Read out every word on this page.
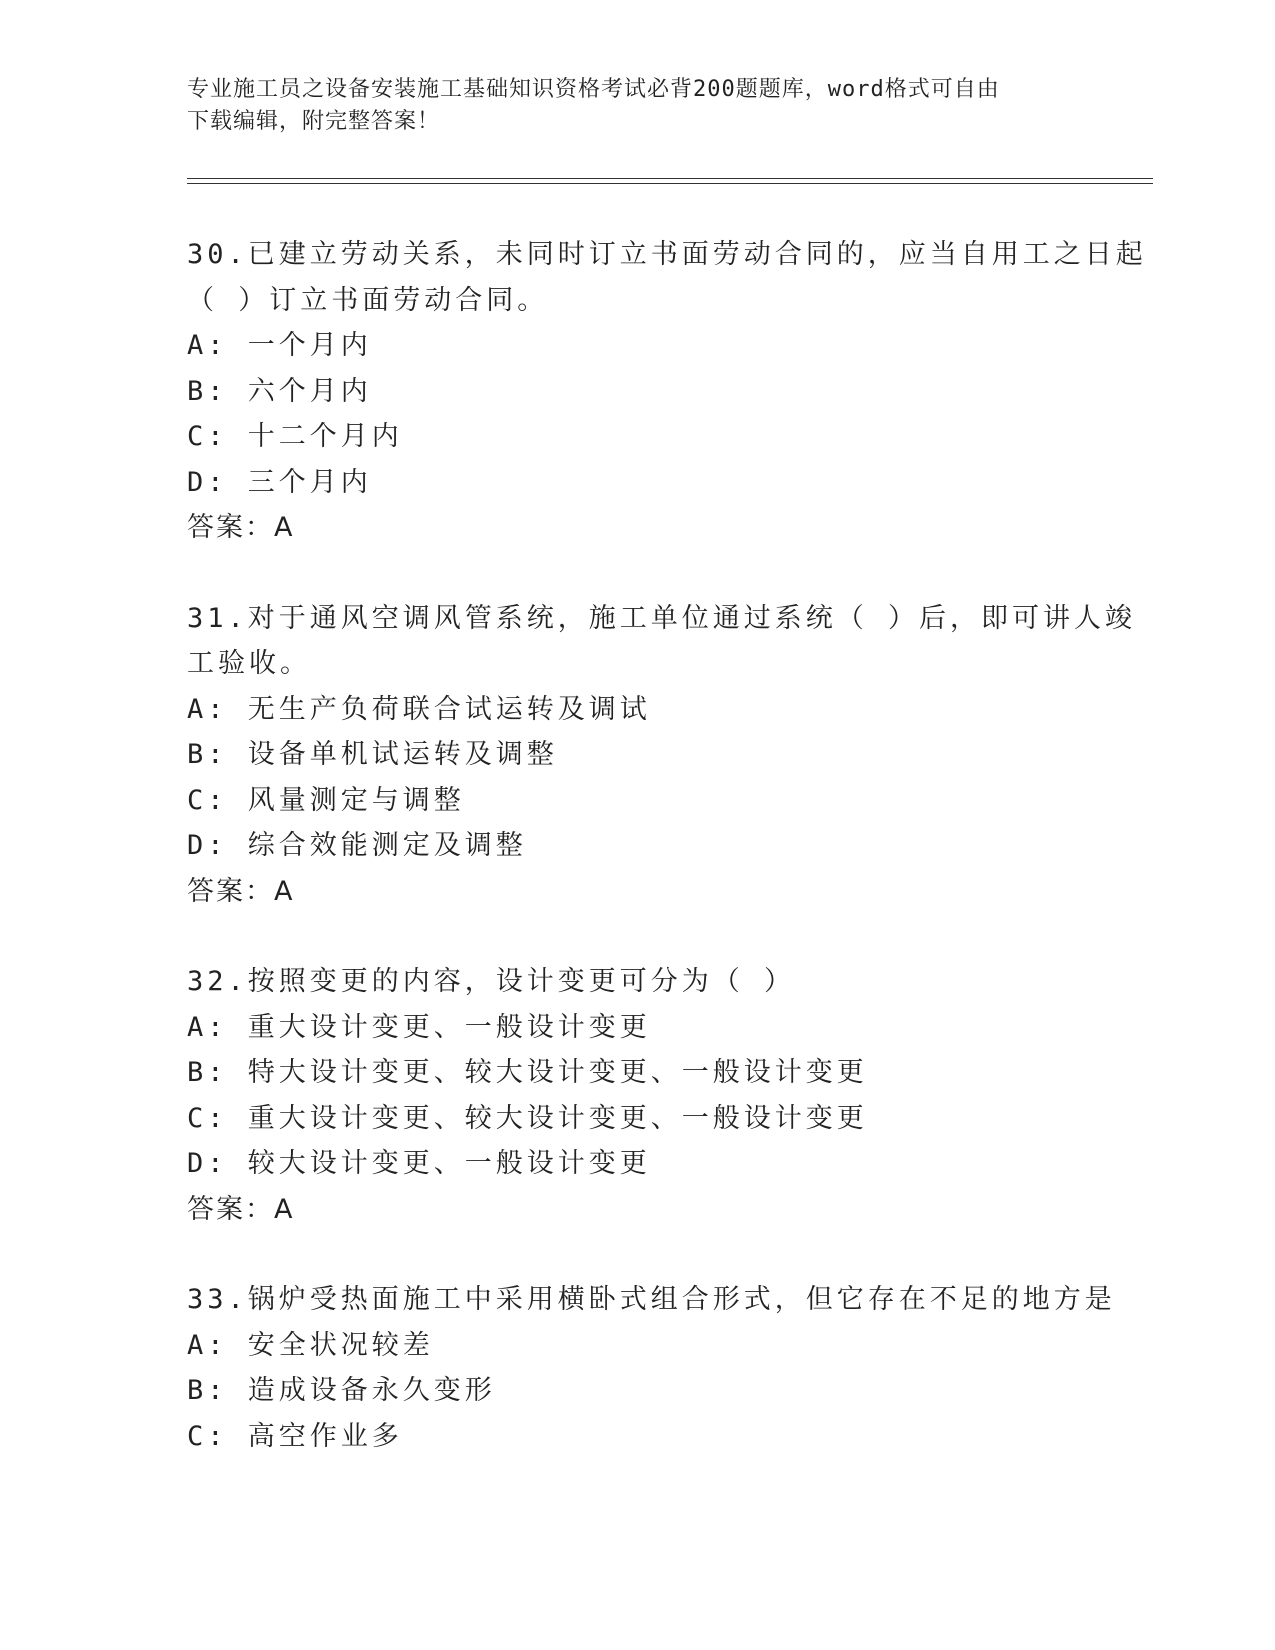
专业施工员之设备安装施工基础知识资格考试必背200题题库，word格式可自由
下载编辑，附完整答案！
30.已建立劳动关系，未同时订立书面劳动合同的，应当自用工之日起
（ ）订立书面劳动合同。
A: 一个月内
B: 六个月内
C: 十二个月内
D: 三个月内
答案：A
31.对于通风空调风管系统，施工单位通过系统（ ）后，即可讲人竣
工验收。
A: 无生产负荷联合试运转及调试
B: 设备单机试运转及调整
C: 风量测定与调整
D: 综合效能测定及调整
答案：A
32.按照变更的内容，设计变更可分为（ ）
A: 重大设计变更、一般设计变更
B: 特大设计变更、较大设计变更、一般设计变更
C: 重大设计变更、较大设计变更、一般设计变更
D: 较大设计变更、一般设计变更
答案：A
33.锅炉受热面施工中采用横卧式组合形式，但它存在不足的地方是
A: 安全状况较差
B: 造成设备永久变形
C: 高空作业多
